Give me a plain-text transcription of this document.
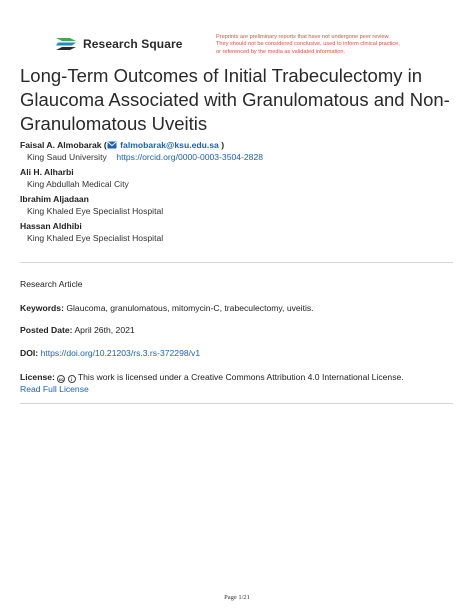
Research Square	Preprints are preliminary reports that have not undergone peer review.
They should not be considered conclusive, used to inform clinical practice,
or referenced by the media as validated information.
Long-Term Outcomes of Initial Trabeculectomy in Glaucoma Associated with Granulomatous and Non-Granulomatous Uveitis
Faisal A. Almobarak ( falmobarak@ksu.edu.sa )
King Saud University https://orcid.org/0000-0003-3504-2828
Ali H. Alharbi
King Abdullah Medical City
Ibrahim Aljadaan
King Khaled Eye Specialist Hospital
Hassan Aldhibi
King Khaled Eye Specialist Hospital
Research Article
Keywords: Glaucoma, granulomatous, mitomycin-C, trabeculectomy, uveitis.
Posted Date: April 26th, 2021
DOI: https://doi.org/10.21203/rs.3.rs-372298/v1
License: cc i This work is licensed under a Creative Commons Attribution 4.0 International License.
Read Full License
Page 1/21
